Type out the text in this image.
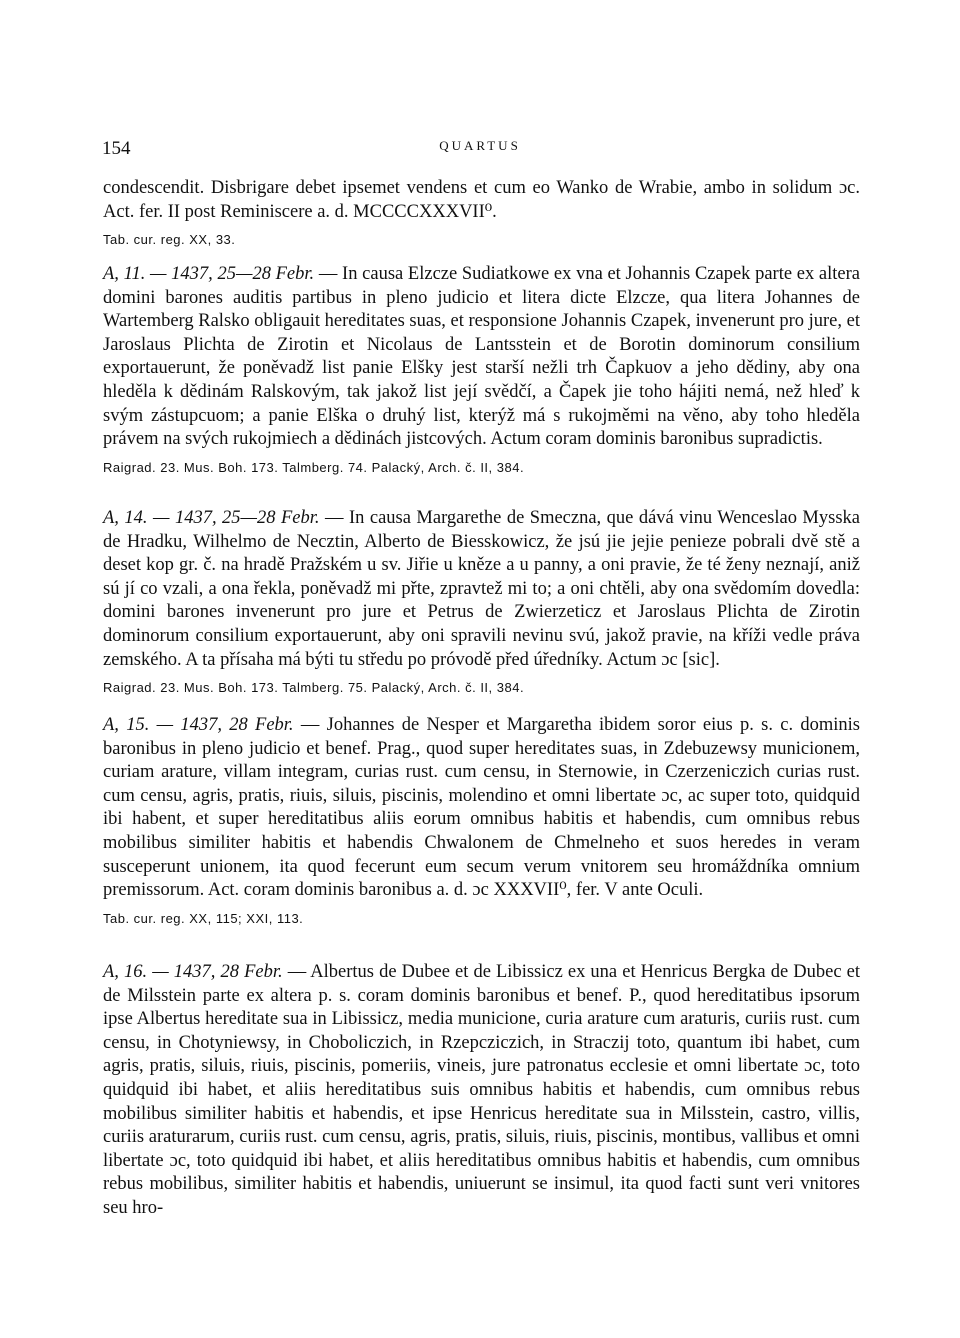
154	QUARTUS

condescendit. Disbrigare debet ipsemet vendens et cum eo Wanko de Wrabie, ambo in solidum ɔc. Act. fer. II post Reminiscere a. d. MCCCCXXXVII⁰.

Tab. cur. reg. XX, 33.

A, 11. — 1437, 25—28 Febr. — In causa Elzcze Sudiatkowe ex vna et Johannis Czapek parte ex altera domini barones auditis partibus in pleno judicio et litera dicte Elzcze, qua litera Johannes de Wartemberg Ralsko obligauit hereditates suas, et responsione Johannis Czapek, invenerunt pro jure, et Jaroslaus Plichta de Zirotin et Nicolaus de Lantsstein et de Borotin dominorum consilium exportauerunt, že poněvadž list panie Elšky jest starší nežli trh Čapkuov a jeho dědiny, aby ona hleděla k dědinám Ralskovým, tak jakož list její svědčí, a Čapek jie toho hájiti nemá, než hleď k svým zástupcuom; a panie Elška o druhý list, kterýž má s rukojměmi na věno, aby toho hleděla právem na svých rukojmiech a dědinách jistcových. Actum coram dominis baronibus supradictis.

Raigrad. 23. Mus. Boh. 173. Talmberg. 74. Palacký, Arch. č. II, 384.

A, 14. — 1437, 25—28 Febr. — In causa Margarethe de Smeczna, que dává vinu Wenceslao Mysska de Hradku, Wilhelmo de Necztin, Alberto de Biesskowicz, že jsú jie jejie penieze pobrali dvě stě a deset kop gr. č. na hradě Pražském u sv. Jiřie u kněze a u panny, a oni pravie, že té ženy neznají, aniž sú jí co vzali, a ona řekla, poněvadž mi přte, zpravtež mi to; a oni chtěli, aby ona svědomím dovedla: domini barones invenerunt pro jure et Petrus de Zwierzeticz et Jaroslaus Plichta de Zirotin dominorum consilium exportauerunt, aby oni spravili nevinu svú, jakož pravie, na kříži vedle práva zemského. A ta přísaha má býti tu středu po próvodě před úředníky. Actum ɔc [sic].

Raigrad. 23. Mus. Boh. 173. Talmberg. 75. Palacký, Arch. č. II, 384.

A, 15. — 1437, 28 Febr. — Johannes de Nesper et Margaretha ibidem soror eius p. s. c. dominis baronibus in pleno judicio et benef. Prag., quod super hereditates suas, in Zdebuzewsy municionem, curiam arature, villam integram, curias rust. cum censu, in Sternowie, in Czerzeniczich curias rust. cum censu, agris, pratis, riuis, siluis, piscinis, molendino et omni libertate ɔc, ac super toto, quidquid ibi habent, et super hereditatibus aliis eorum omnibus habitis et habendis, cum omnibus rebus mobilibus similiter habitis et habendis Chwalonem de Chmelneho et suos heredes in veram susceperunt unionem, ita quod fecerunt eum secum verum vnitorem seu hromáždníka omnium premissorum. Act. coram dominis baronibus a. d. ɔc XXXVII⁰, fer. V ante Oculi.

Tab. cur. reg. XX, 115; XXI, 113.

A, 16. — 1437, 28 Febr. — Albertus de Dubee et de Libissicz ex una et Henricus Bergka de Dubec et de Milsstein parte ex altera p. s. coram dominis baronibus et benef. P., quod hereditatibus ipsorum ipse Albertus hereditate sua in Libissicz, media municione, curia arature cum araturis, curiis rust. cum censu, in Chotyniewsy, in Choboliczich, in Rzepcziczich, in Straczij toto, quantum ibi habet, cum agris, pratis, siluis, riuis, piscinis, pomeriis, vineis, jure patronatus ecclesie et omni libertate ɔc, toto quidquid ibi habet, et aliis hereditatibus suis omnibus habitis et habendis, cum omnibus rebus mobilibus similiter habitis et habendis, et ipse Henricus hereditate sua in Milsstein, castro, villis, curiis araturarum, curiis rust. cum censu, agris, pratis, siluis, riuis, piscinis, montibus, vallibus et omni libertate ɔc, toto quidquid ibi habet, et aliis hereditatibus omnibus habitis et habendis, cum omnibus rebus mobilibus, similiter habitis et habendis, uniuerunt se insimul, ita quod facti sunt veri vnitores seu hro-
